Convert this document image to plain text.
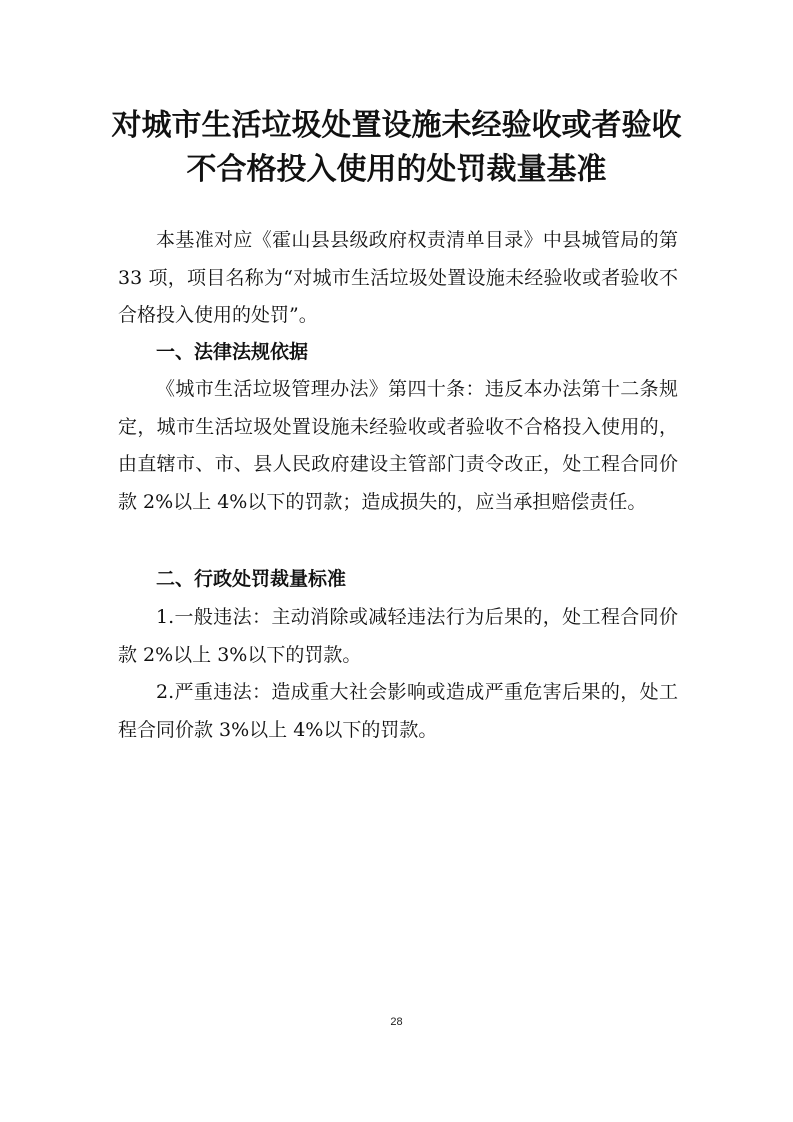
对城市生活垃圾处置设施未经验收或者验收
不合格投入使用的处罚裁量基准

本基准对应《霍山县县级政府权责清单目录》中县城管局的第 33 项，项目名称为“对城市生活垃圾处置设施未经验收或者验收不合格投入使用的处罚”。

一、法律法规依据

《城市生活垃圾管理办法》第四十条：违反本办法第十二条规定，城市生活垃圾处置设施未经验收或者验收不合格投入使用的，由直辖市、市、县人民政府建设主管部门责令改正，处工程合同价款 2%以上 4%以下的罚款；造成损失的，应当承担赔偿责任。

二、行政处罚裁量标准

1.一般违法：主动消除或减轻违法行为后果的，处工程合同价款 2%以上 3%以下的罚款。

2.严重违法：造成重大社会影响或造成严重危害后果的，处工程合同价款 3%以上 4%以下的罚款。

28
